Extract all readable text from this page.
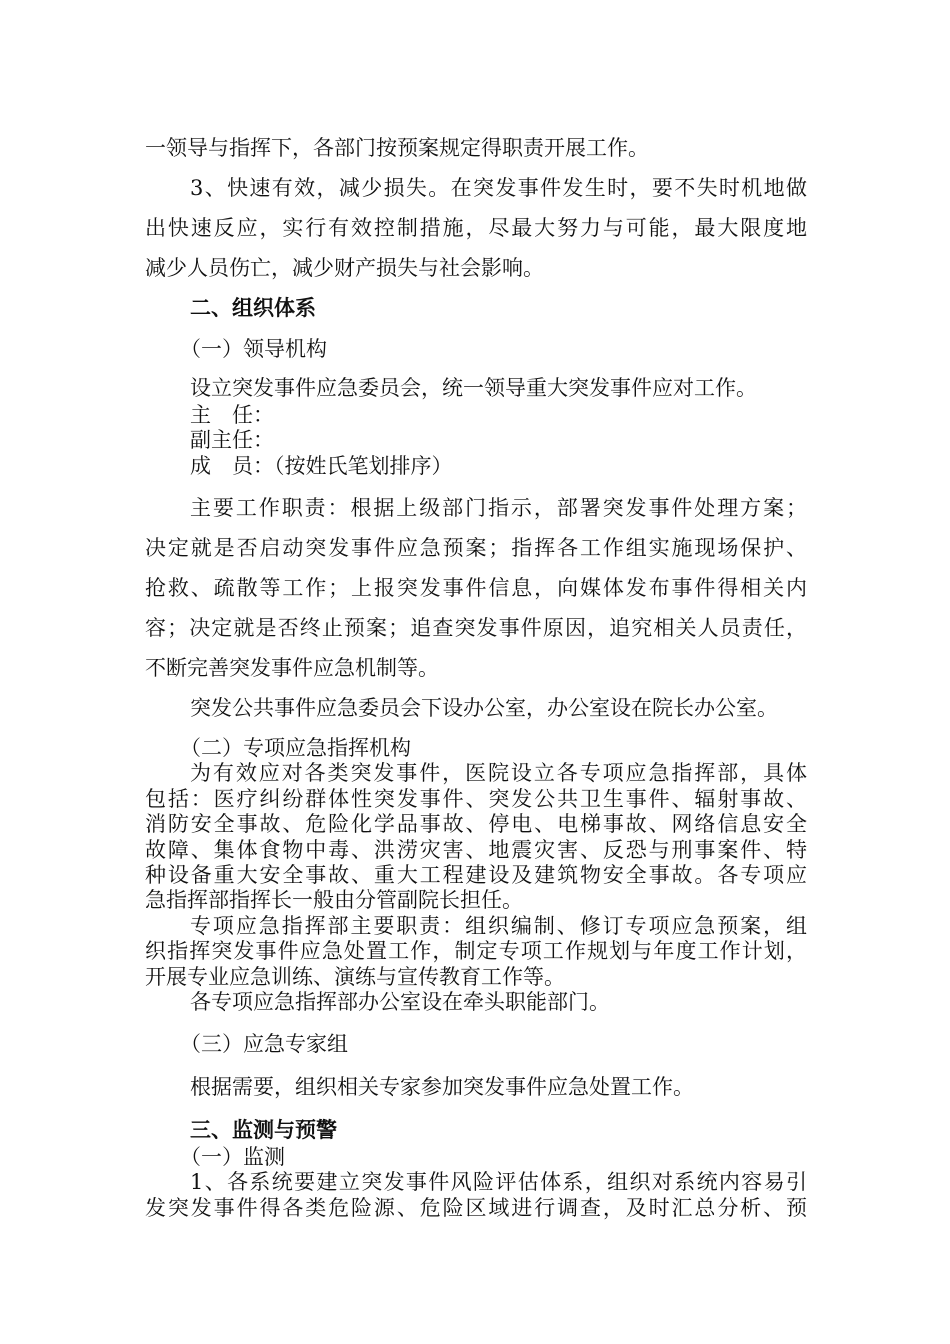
一领导与指挥下，各部门按预案规定得职责开展工作。
3、快速有效，减少损失。在突发事件发生时，要不失时机地做
出快速反应，实行有效控制措施，尽最大努力与可能，最大限度地
减少人员伤亡，减少财产损失与社会影响。
二、组织体系
（一）领导机构
设立突发事件应急委员会，统一领导重大突发事件应对工作。
主　任：
副主任：
成　员：（按姓氏笔划排序）
主要工作职责：根据上级部门指示，部署突发事件处理方案；
决定就是否启动突发事件应急预案；指挥各工作组实施现场保护、
抢救、疏散等工作；上报突发事件信息，向媒体发布事件得相关内
容；决定就是否终止预案；追查突发事件原因，追究相关人员责任，
不断完善突发事件应急机制等。
突发公共事件应急委员会下设办公室，办公室设在院长办公室。
（二）专项应急指挥机构
为有效应对各类突发事件，医院设立各专项应急指挥部，具体
包括：医疗纠纷群体性突发事件、突发公共卫生事件、辐射事故、
消防安全事故、危险化学品事故、停电、电梯事故、网络信息安全
故障、集体食物中毒、洪涝灾害、地震灾害、反恐与刑事案件、特
种设备重大安全事故、重大工程建设及建筑物安全事故。各专项应
急指挥部指挥长一般由分管副院长担任。
专项应急指挥部主要职责：组织编制、修订专项应急预案，组
织指挥突发事件应急处置工作，制定专项工作规划与年度工作计划，
开展专业应急训练、演练与宣传教育工作等。
各专项应急指挥部办公室设在牵头职能部门。
（三）应急专家组
根据需要，组织相关专家参加突发事件应急处置工作。
三、监测与预警
（一）监测
1、各系统要建立突发事件风险评估体系，组织对系统内容易引
发突发事件得各类危险源、危险区域进行调查，及时汇总分析、预
